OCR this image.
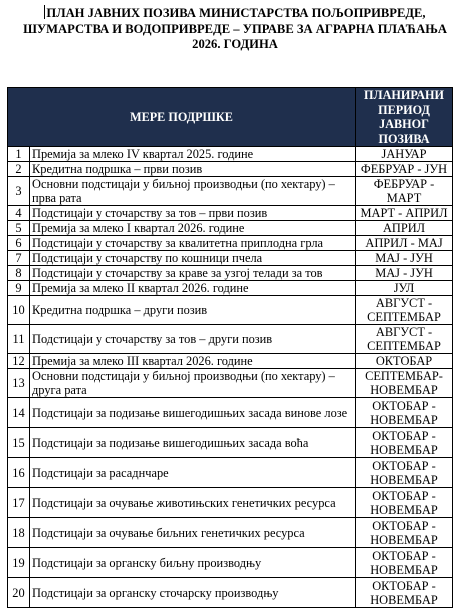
ПЛАН ЈАВНИХ ПОЗИВА МИНИСТАРСТВА ПОЉОПРИВРЕДЕ,
ШУМАРСТВА И ВОДОПРИВРЕДЕ – УПРАВЕ ЗА АГРАРНА ПЛАЋАЊА
2026. ГОДИНА
МЕРЕ ПОДРШКЕ		ПЛАНИРАНИ
ПЕРИОД
ЈАВНОГ
ПОЗИВА

1	Премија за млеко IV квартал 2025. године	ЈАНУАР
2	Кредитна подршка – први позив	ФЕБРУАР - ЈУН
3	Основни подстицаји у биљној производњи (по хектару) – прва рата	ФЕБРУАР - МАРТ
4	Подстицаји у сточарству за тов – први позив	МАРТ - АПРИЛ
5	Премија за млеко I квартал 2026. године	АПРИЛ
6	Подстицаји у сточарству за квалитетна приплодна грла	АПРИЛ - МАЈ
7	Подстицаји у сточарству по кошници пчела	МАЈ - ЈУН
8	Подстицаји у сточарству за краве за узгој телади за тов	МАЈ - ЈУН
9	Премија за млеко II квартал 2026. године	ЈУЛ
10	Кредитна подршка – други позив	АВГУСТ - СЕПТЕМБАР
11	Подстицаји у сточарству за тов – други позив	АВГУСТ - СЕПТЕМБАР
12	Премија за млеко III квартал 2026. године	ОКТОБАР
13	Основни подстицаји у биљној производњи (по хектару) – друга рата	СЕПТЕМБАР- НОВЕМБАР
14	Подстицаји за подизање вишегодишњих засада винове лозе	ОКТОБАР - НОВЕМБАР
15	Подстицаји за подизање вишегодишњих засада воћа	ОКТОБАР - НОВЕМБАР
16	Подстицаји за расаднчаре	ОКТОБАР - НОВЕМБАР
17	Подстицаји за очување животињских генетичких ресурса	ОКТОБАР - НОВЕМБАР
18	Подстицаји за очување биљних генетичких ресурса	ОКТОБАР - НОВЕМБАР
19	Подстицаји за органску биљну производњу	ОКТОБАР - НОВЕМБАР
20	Подстицаји за органску сточарску производњу	ОКТОБАР - НОВЕМБАР
